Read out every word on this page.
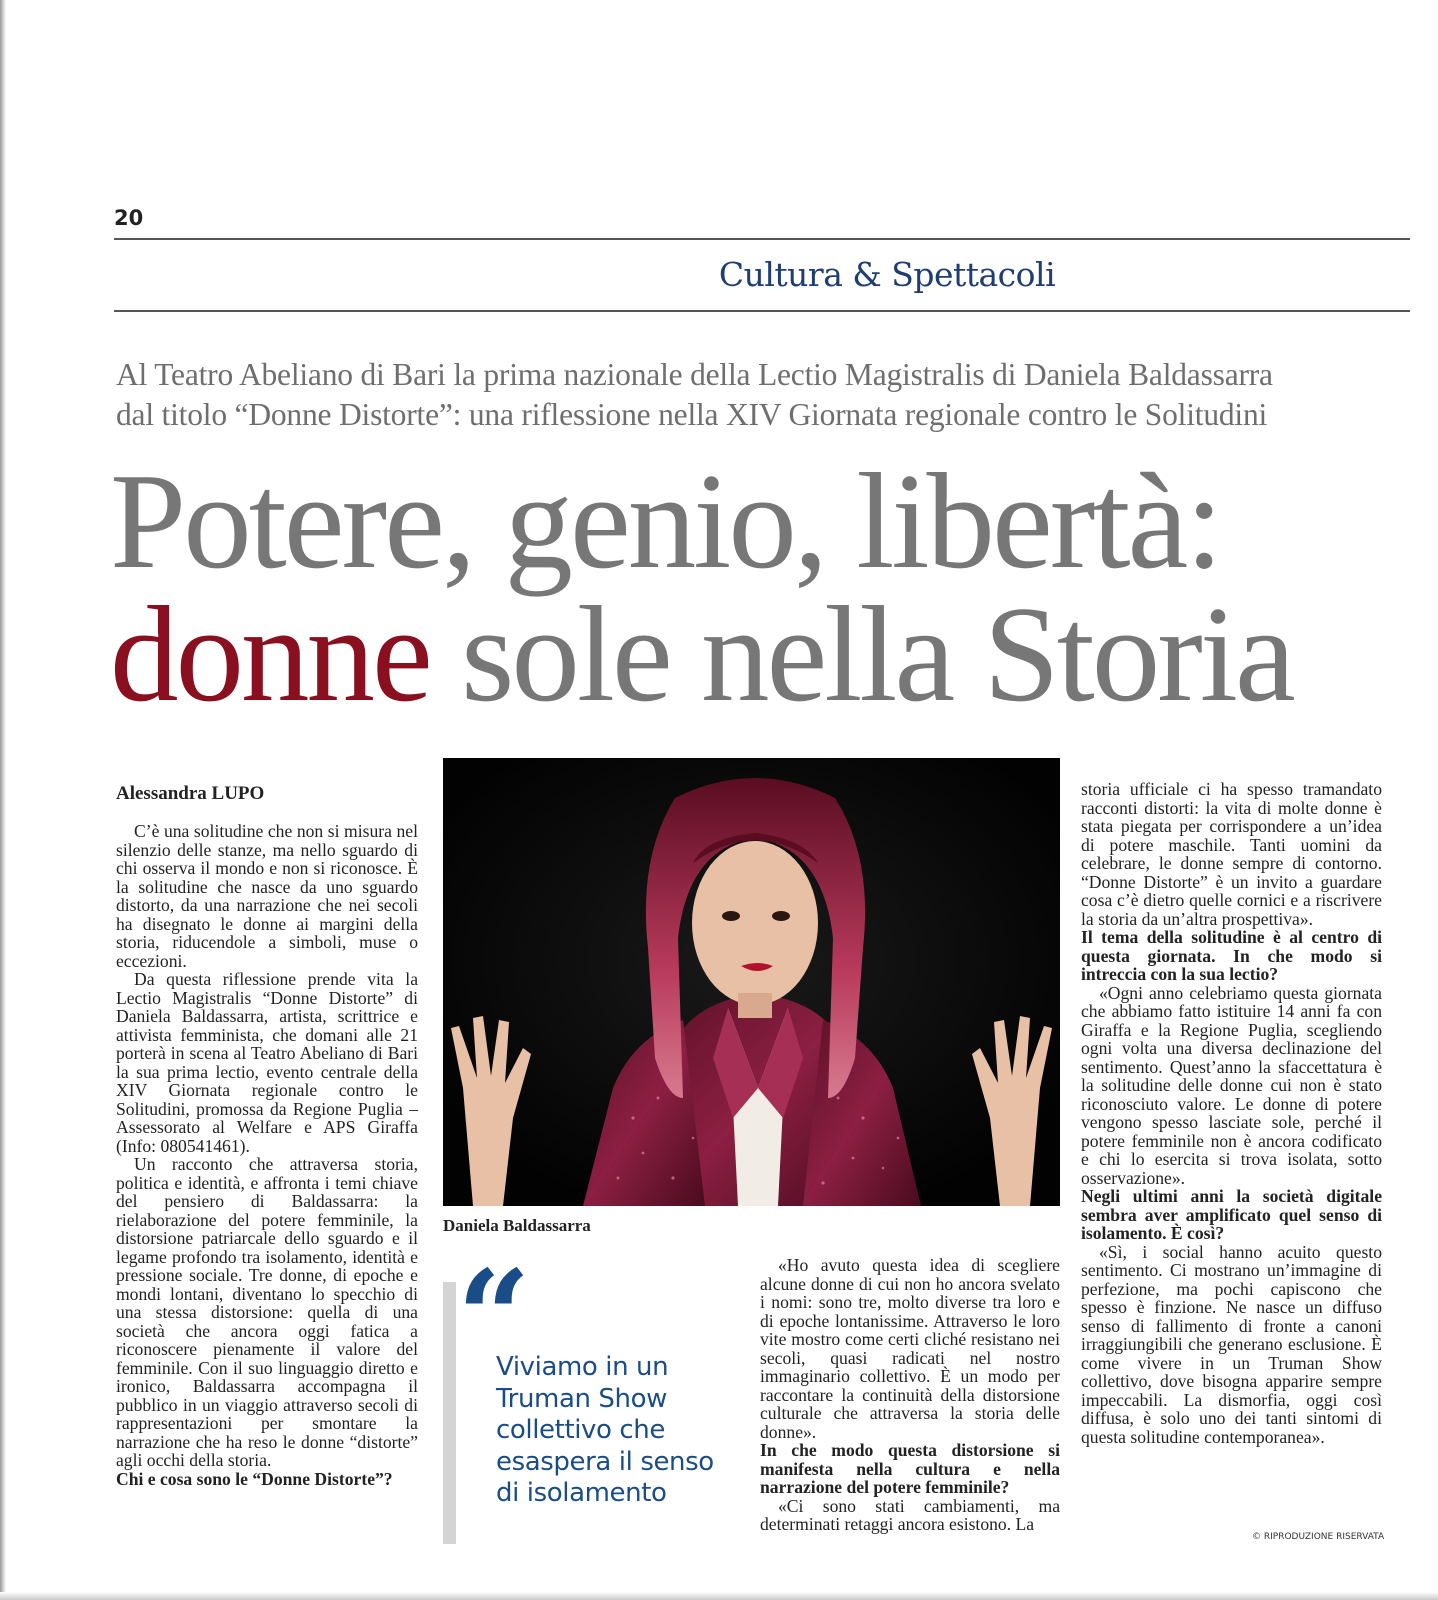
20
Cultura & Spettacoli
Al Teatro Abeliano di Bari la prima nazionale della Lectio Magistralis di Daniela Baldassarra
dal titolo “Donne Distorte”: una riflessione nella XIV Giornata regionale contro le Solitudini
Potere, genio, libertà:
donne sole nella Storia
Alessandra LUPO

C’è una solitudine che non si misura nel silenzio delle stanze, ma nello sguardo di chi osserva il mondo e non si riconosce. È la solitudine che nasce da uno sguardo distorto, da una narrazione che nei secoli ha disegnato le donne ai margini della storia, riducendole a simboli, muse o eccezioni.

Da questa riflessione prende vita la Lectio Magistralis “Donne Distorte” di Daniela Baldassarra, artista, scrittrice e attivista femminista, che domani alle 21 porterà in scena al Teatro Abeliano di Bari la sua prima lectio, evento centrale della XIV Giornata regionale contro le Solitudini, promossa da Regione Puglia – Assessorato al Welfare e APS Giraffa (Info: 080541461).

Un racconto che attraversa storia, politica e identità, e affronta i temi chiave del pensiero di Baldassarra: la rielaborazione del potere femminile, la distorsione patriarcale dello sguardo e il legame profondo tra isolamento, identità e pressione sociale. Tre donne, di epoche e mondi lontani, diventano lo specchio di una stessa distorsione: quella di una società che ancora oggi fatica a riconoscere pienamente il valore del femminile. Con il suo linguaggio diretto e ironico, Baldassarra accompagna il pubblico in un viaggio attraverso secoli di rappresentazioni per smontare la narrazione che ha reso le donne “distorte” agli occhi della storia.

Chi e cosa sono le “Donne Distorte”?

Daniela Baldassarra
“
Viviamo in un Truman Show collettivo che esaspera il senso di isolamento

«Ho avuto questa idea di scegliere alcune donne di cui non ho ancora svelato i nomi: sono tre, molto diverse tra loro e di epoche lontanissime. Attraverso le loro vite mostro come certi cliché resistano nei secoli, quasi radicati nel nostro immaginario collettivo. È un modo per raccontare la continuità della distorsione culturale che attraversa la storia delle donne».

In che modo questa distorsione si manifesta nella cultura e nella narrazione del potere femminile?

«Ci sono stati cambiamenti, ma determinati retaggi ancora esistono. La

storia ufficiale ci ha spesso tramandato racconti distorti: la vita di molte donne è stata piegata per corrispondere a un’idea di potere maschile. Tanti uomini da celebrare, le donne sempre di contorno. “Donne Distorte” è un invito a guardare cosa c’è dietro quelle cornici e a riscrivere la storia da un’altra prospettiva».

Il tema della solitudine è al centro di questa giornata. In che modo si intreccia con la sua lectio?

«Ogni anno celebriamo questa giornata che abbiamo fatto istituire 14 anni fa con Giraffa e la Regione Puglia, scegliendo ogni volta una diversa declinazione del sentimento. Quest’anno la sfaccettatura è la solitudine delle donne cui non è stato riconosciuto valore. Le donne di potere vengono spesso lasciate sole, perché il potere femminile non è ancora codificato e chi lo esercita si trova isolata, sotto osservazione».

Negli ultimi anni la società digitale sembra aver amplificato quel senso di isolamento. È così?

«Sì, i social hanno acuito questo sentimento. Ci mostrano un’immagine di perfezione, ma pochi capiscono che spesso è finzione. Ne nasce un diffuso senso di fallimento di fronte a canoni irraggiungibili che generano esclusione. È come vivere in un Truman Show collettivo, dove bisogna apparire sempre impeccabili. La dismorfia, oggi così diffusa, è solo uno dei tanti sintomi di questa solitudine contemporanea».

© RIPRODUZIONE RISERVATA
